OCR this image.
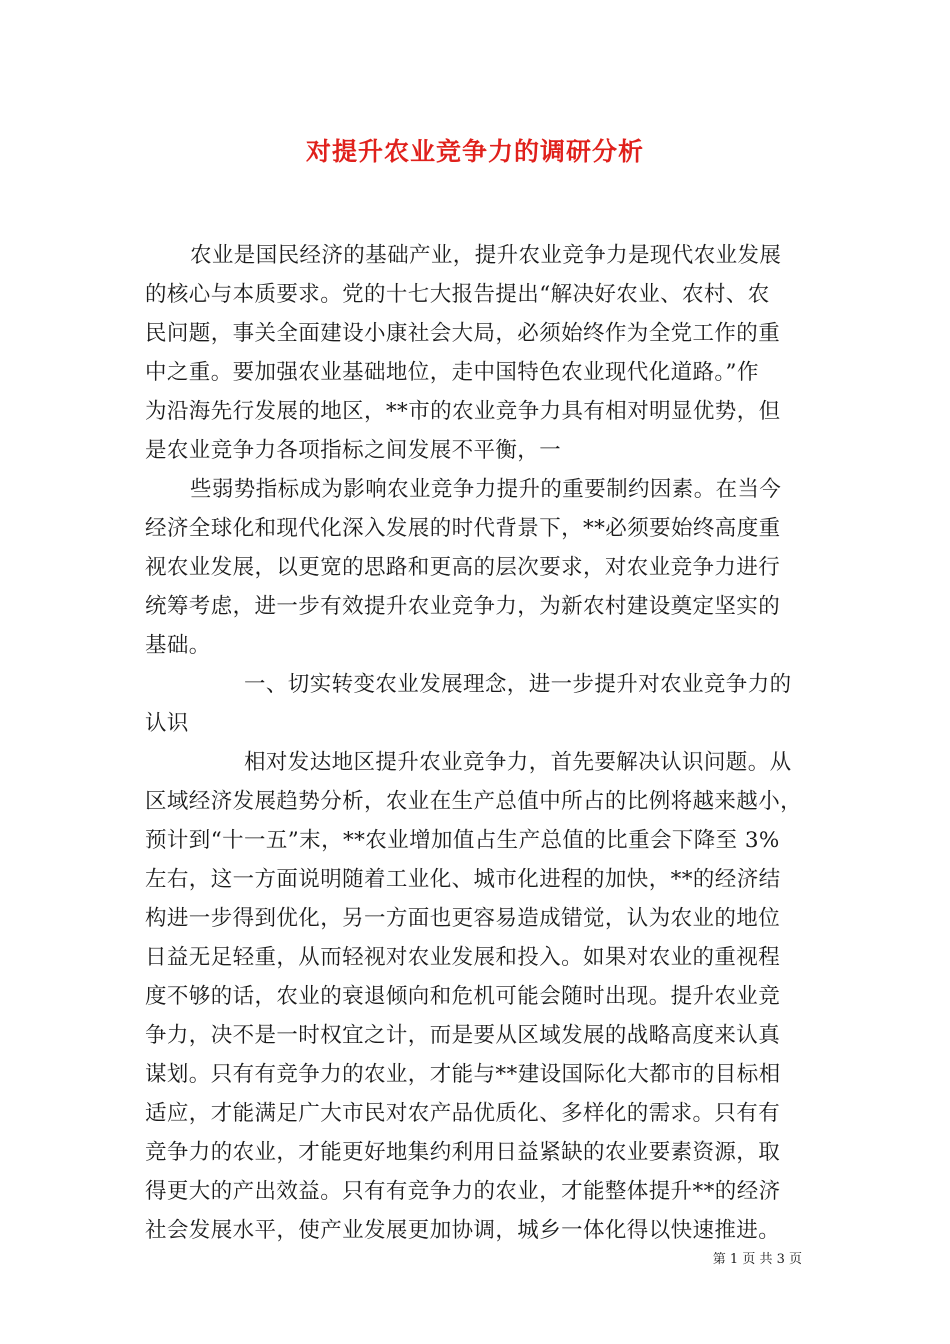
对提升农业竞争力的调研分析
农业是国民经济的基础产业，提升农业竞争力是现代农业发展
的核心与本质要求。党的十七大报告提出“解决好农业、农村、农
民问题，事关全面建设小康社会大局，必须始终作为全党工作的重
中之重。要加强农业基础地位，走中国特色农业现代化道路。”作
为沿海先行发展的地区，**市的农业竞争力具有相对明显优势，但
是农业竞争力各项指标之间发展不平衡，一
些弱势指标成为影响农业竞争力提升的重要制约因素。在当今
经济全球化和现代化深入发展的时代背景下，**必须要始终高度重
视农业发展，以更宽的思路和更高的层次要求，对农业竞争力进行
统筹考虑，进一步有效提升农业竞争力，为新农村建设奠定坚实的
基础。
一、切实转变农业发展理念，进一步提升对农业竞争力的
认识
相对发达地区提升农业竞争力，首先要解决认识问题。从
区域经济发展趋势分析，农业在生产总值中所占的比例将越来越小，
预计到“十一五”末，**农业增加值占生产总值的比重会下降至 3%
左右，这一方面说明随着工业化、城市化进程的加快，**的经济结
构进一步得到优化，另一方面也更容易造成错觉，认为农业的地位
日益无足轻重，从而轻视对农业发展和投入。如果对农业的重视程
度不够的话，农业的衰退倾向和危机可能会随时出现。提升农业竞
争力，决不是一时权宜之计，而是要从区域发展的战略高度来认真
谋划。只有有竞争力的农业，才能与**建设国际化大都市的目标相
适应，才能满足广大市民对农产品优质化、多样化的需求。只有有
竞争力的农业，才能更好地集约利用日益紧缺的农业要素资源，取
得更大的产出效益。只有有竞争力的农业，才能整体提升**的经济
社会发展水平，使产业发展更加协调，城乡一体化得以快速推进。
第 1 页 共 3 页
